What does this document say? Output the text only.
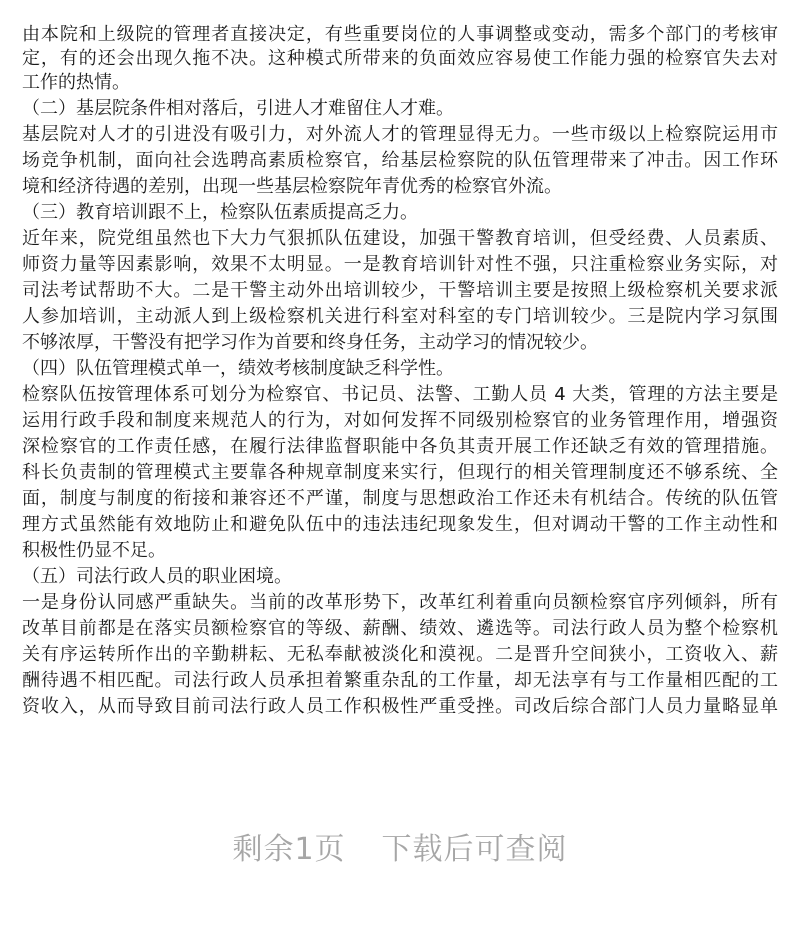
由本院和上级院的管理者直接决定，有些重要岗位的人事调整或变动，需多个部门的考核审
定，有的还会出现久拖不决。这种模式所带来的负面效应容易使工作能力强的检察官失去对
工作的热情。
（二）基层院条件相对落后，引进人才难留住人才难。
基层院对人才的引进没有吸引力，对外流人才的管理显得无力。一些市级以上检察院运用市
场竞争机制，面向社会选聘高素质检察官，给基层检察院的队伍管理带来了冲击。因工作环
境和经济待遇的差别，出现一些基层检察院年青优秀的检察官外流。
（三）教育培训跟不上，检察队伍素质提高乏力。
近年来，院党组虽然也下大力气狠抓队伍建设，加强干警教育培训，但受经费、人员素质、
师资力量等因素影响，效果不太明显。一是教育培训针对性不强，只注重检察业务实际，对
司法考试帮助不大。二是干警主动外出培训较少，干警培训主要是按照上级检察机关要求派
人参加培训，主动派人到上级检察机关进行科室对科室的专门培训较少。三是院内学习氛围
不够浓厚，干警没有把学习作为首要和终身任务，主动学习的情况较少。
（四）队伍管理模式单一，绩效考核制度缺乏科学性。
检察队伍按管理体系可划分为检察官、书记员、法警、工勤人员 4 大类，管理的方法主要是
运用行政手段和制度来规范人的行为，对如何发挥不同级别检察官的业务管理作用，增强资
深检察官的工作责任感，在履行法律监督职能中各负其责开展工作还缺乏有效的管理措施。
科长负责制的管理模式主要靠各种规章制度来实行，但现行的相关管理制度还不够系统、全
面，制度与制度的衔接和兼容还不严谨，制度与思想政治工作还未有机结合。传统的队伍管
理方式虽然能有效地防止和避免队伍中的违法违纪现象发生，但对调动干警的工作主动性和
积极性仍显不足。
（五）司法行政人员的职业困境。
一是身份认同感严重缺失。当前的改革形势下，改革红利着重向员额检察官序列倾斜，所有
改革目前都是在落实员额检察官的等级、薪酬、绩效、遴选等。司法行政人员为整个检察机
关有序运转所作出的辛勤耕耘、无私奉献被淡化和漠视。二是晋升空间狭小，工资收入、薪
酬待遇不相匹配。司法行政人员承担着繁重杂乱的工作量，却无法享有与工作量相匹配的工
资收入，从而导致目前司法行政人员工作积极性严重受挫。司改后综合部门人员力量略显单
剩余1页 下载后可查阅
